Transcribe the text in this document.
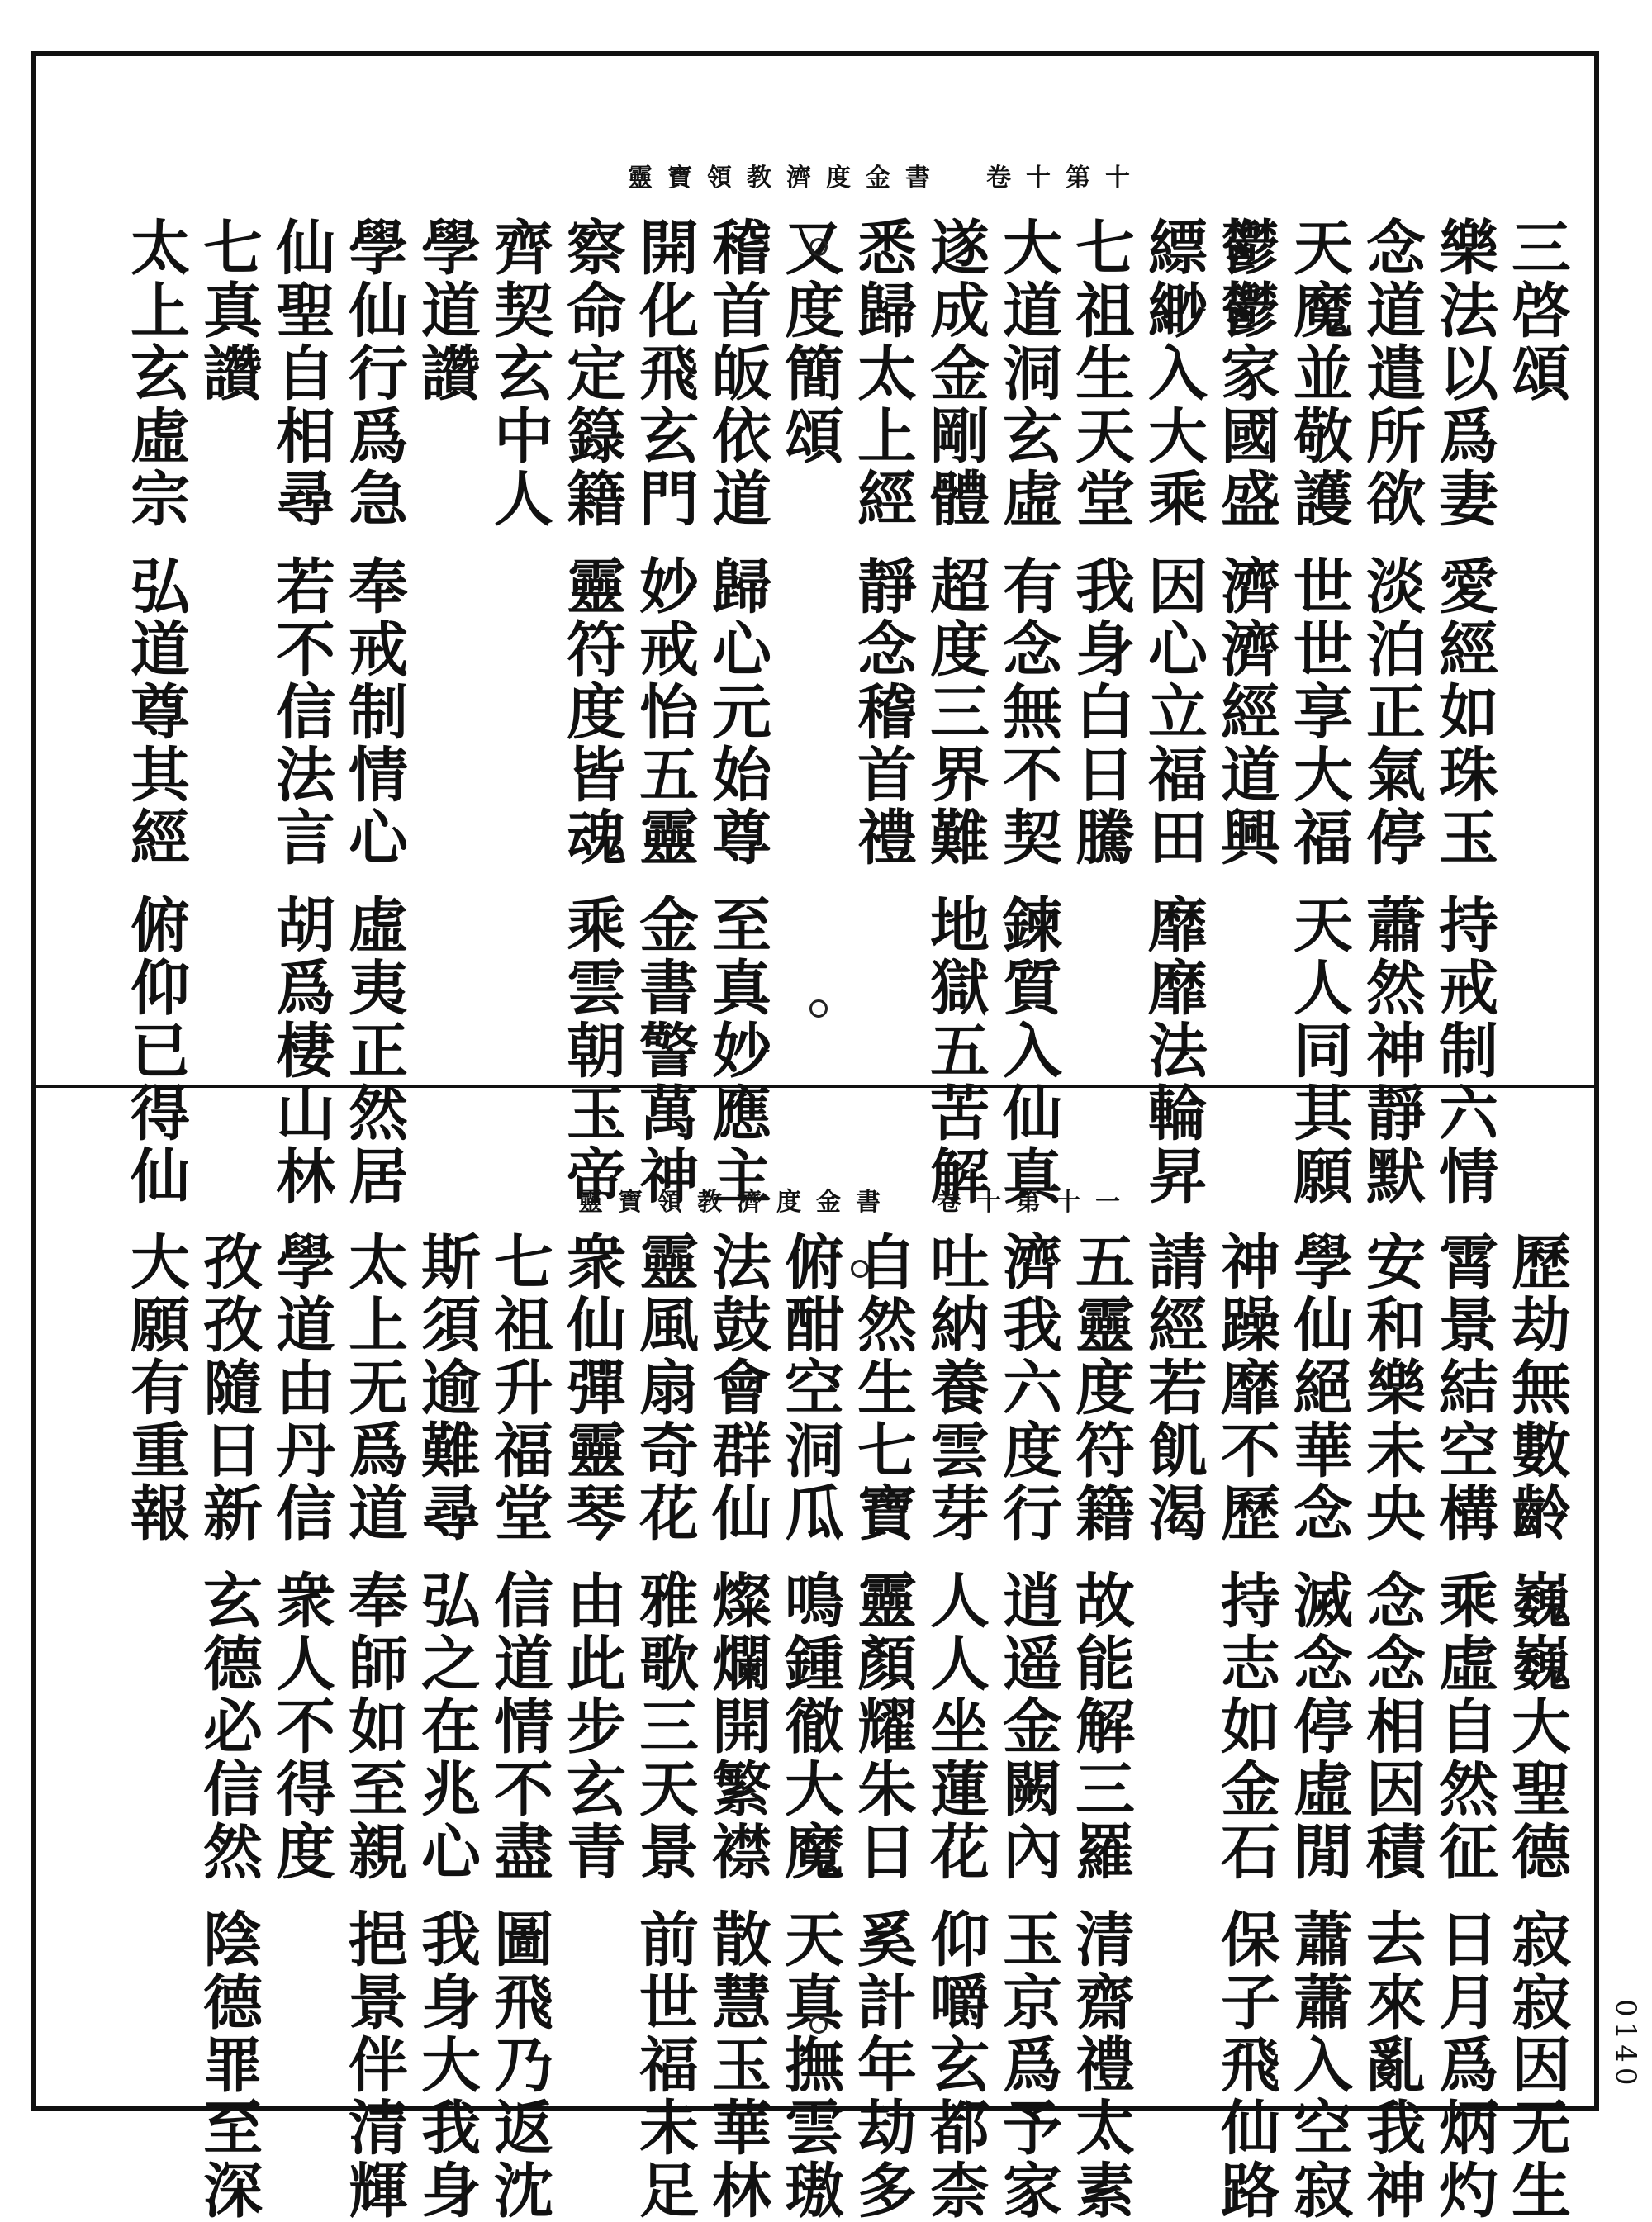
靈寶領教濟度金書 卷十第十
靈寶領教濟度金書 卷十第十一
三啓頌
樂法以爲妻
愛經如珠玉
持戒制六情
念道遣所欲
淡泊正氣停
蕭然神靜默
天魔並敬護
世世享大福
天人同其願
鬱鬱家國盛
濟濟經道興
縹緲入大乘
因心立福田
靡靡法輪昇
七祖生天堂
我身白日騰
大道洞玄虛
有念無不契
鍊質入仙真
遂成金剛體
超度三界難
地獄五苦解
悉歸太上經
靜念稽首禮
又度簡頌
稽首皈依道
歸心元始尊
至真妙應主
開化飛玄門
妙戒怡五靈
金書警萬神
察命定籙籍
靈符度皆魂
乘雲朝玉帝
齊契玄中人
學道讚
學仙行爲急
奉戒制情心
虛夷正然居
仙聖自相尋
若不信法言
胡爲棲山林
七真讚
太上玄虛宗
弘道尊其經
俯仰已得仙
歷劫無數齡
巍巍大聖德
寂寂因无生
霄景結空構
乘虛自然征
日月爲炳灼
安和樂未央
念念相因積
去來亂我神
學仙絕華念
滅念停虛閒
蕭蕭入空寂
神躁靡不歷
持志如金石
保子飛仙路
請經若飢渴
五靈度符籍
故能解三羅
清齋禮太素
濟我六度行
逍遥金闕內
玉京爲予家
吐納養雲芽
人人坐蓮花
仰嚼玄都柰
自然生七寶
靈顏耀朱日
奚計年劫多
俯酣空洞瓜
鳴鍾徹大魔
天真撫雲璈
法鼓會群仙
燦爛開繁襟
散慧玉華林
靈風扇奇花
雅歌三天景
前世福未足
衆仙彈靈琴
由此步玄青
七祖升福堂
信道情不盡
圖飛乃返沈
斯須逾難尋
弘之在兆心
我身大我身
太上无爲道
奉師如至親
挹景伴清輝
學道由丹信
衆人不得度
孜孜隨日新
玄德必信然
陰德罪至深
大願有重報
0140
